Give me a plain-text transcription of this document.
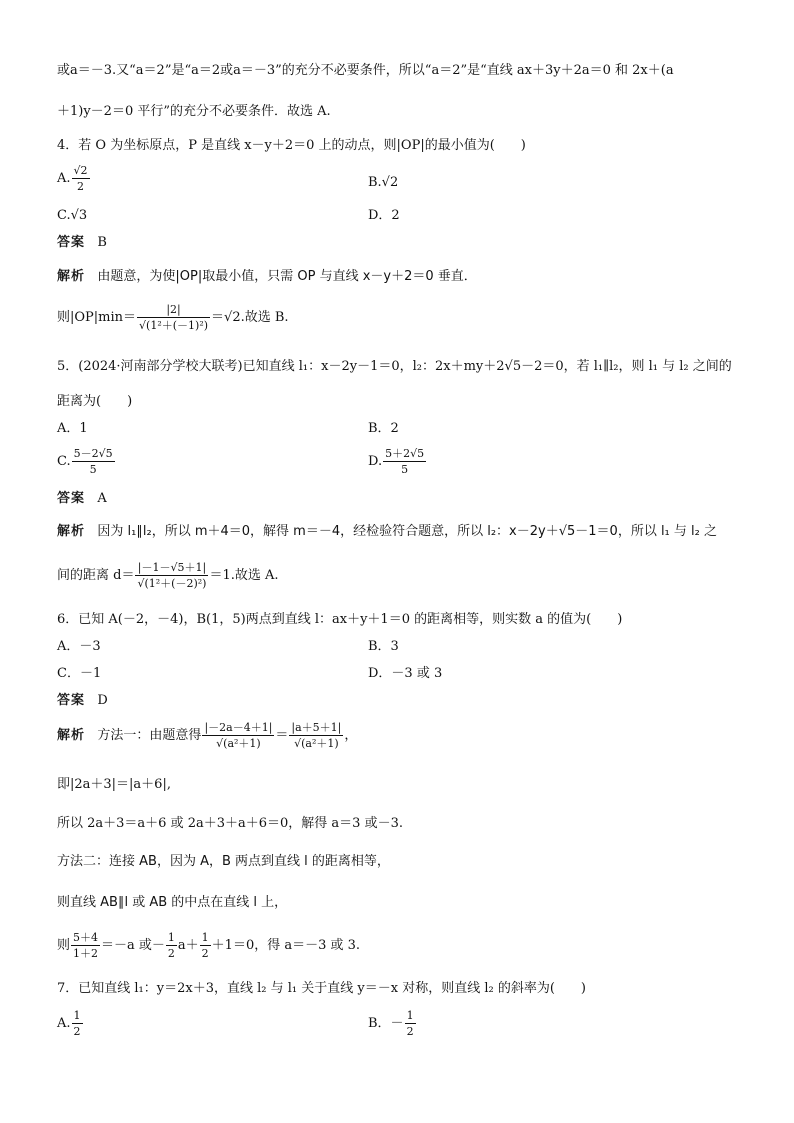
或a＝－3.又“a＝2”是“a＝2或a＝－3”的充分不必要条件，所以“a＝2”是“直线 ax＋3y＋2a＝0 和 2x＋(a
＋1)y－2＝0 平行”的充分不必要条件．故选 A.
4．若 O 为坐标原点，P 是直线 x－y＋2＝0 上的动点，则|OP|的最小值为(　　)
A. $\frac{√2}{2}$	B.√2
C.√3	D．2
答案 B
解析 由题意，为使|OP|取最小值，只需 OP 与直线 x－y＋2＝0 垂直．
则$|OP|\min= \frac{|2|}{\text{√(1²＋(－1)²)}} =√2$.故选 B.
5．(2024·河南部分学校大联考)已知直线 l₁：x－2y－1＝0，l₂：2x＋my＋2√5－2＝0，若 l₁∥l₂，则 l₁ 与 l₂ 之间的
距离为(　　)
A．1	B．2
C. $\frac{5-2√5}{5}$	D. $\frac{5+2√5}{5}$
答案 A
解析 因为 l₁∥l₂，所以 m＋4＝0，解得 m＝－4，经检验符合题意，所以 l₂：x－2y＋√5－1＝0，所以 l₁ 与 l₂ 之
间的距离 $d= \frac{|-1-√5+1|}{\text{√(1²＋(－2)²)}} =1$.故选 A.
6．已知 A(－2，－4)，B(1，5)两点到直线 l：ax＋y＋1＝0 的距离相等，则实数 a 的值为(　　)
A．－3	B．3
C．－1	D．－3 或 3
答案 D
解析 方法一：由题意得 $\frac{|-2a-4+1|}{\text{√(a²＋1)}} = \frac{|a+5+1|}{\text{√(a²＋1)}}$ ，
即|2a＋3|＝|a＋6|,
所以 2a＋3＝a＋6 或 2a＋3＋a＋6＝0，解得 a＝3 或－3.
方法二：连接 AB，因为 A，B 两点到直线 l 的距离相等，
则直线 AB∥l 或 AB 的中点在直线 l 上，
则 $\frac{5+4}{1+2} =-a$ 或－ $\frac{1}{2} a+ \frac{1}{2} +1=0$，得 a＝－3 或 3.
7．已知直线 l₁：y＝2x＋3，直线 l₂ 与 l₁ 关于直线 y＝－x 对称，则直线 l₂ 的斜率为(　　)
A. $\frac{1}{2}$	B．－ $\frac{1}{2}$
